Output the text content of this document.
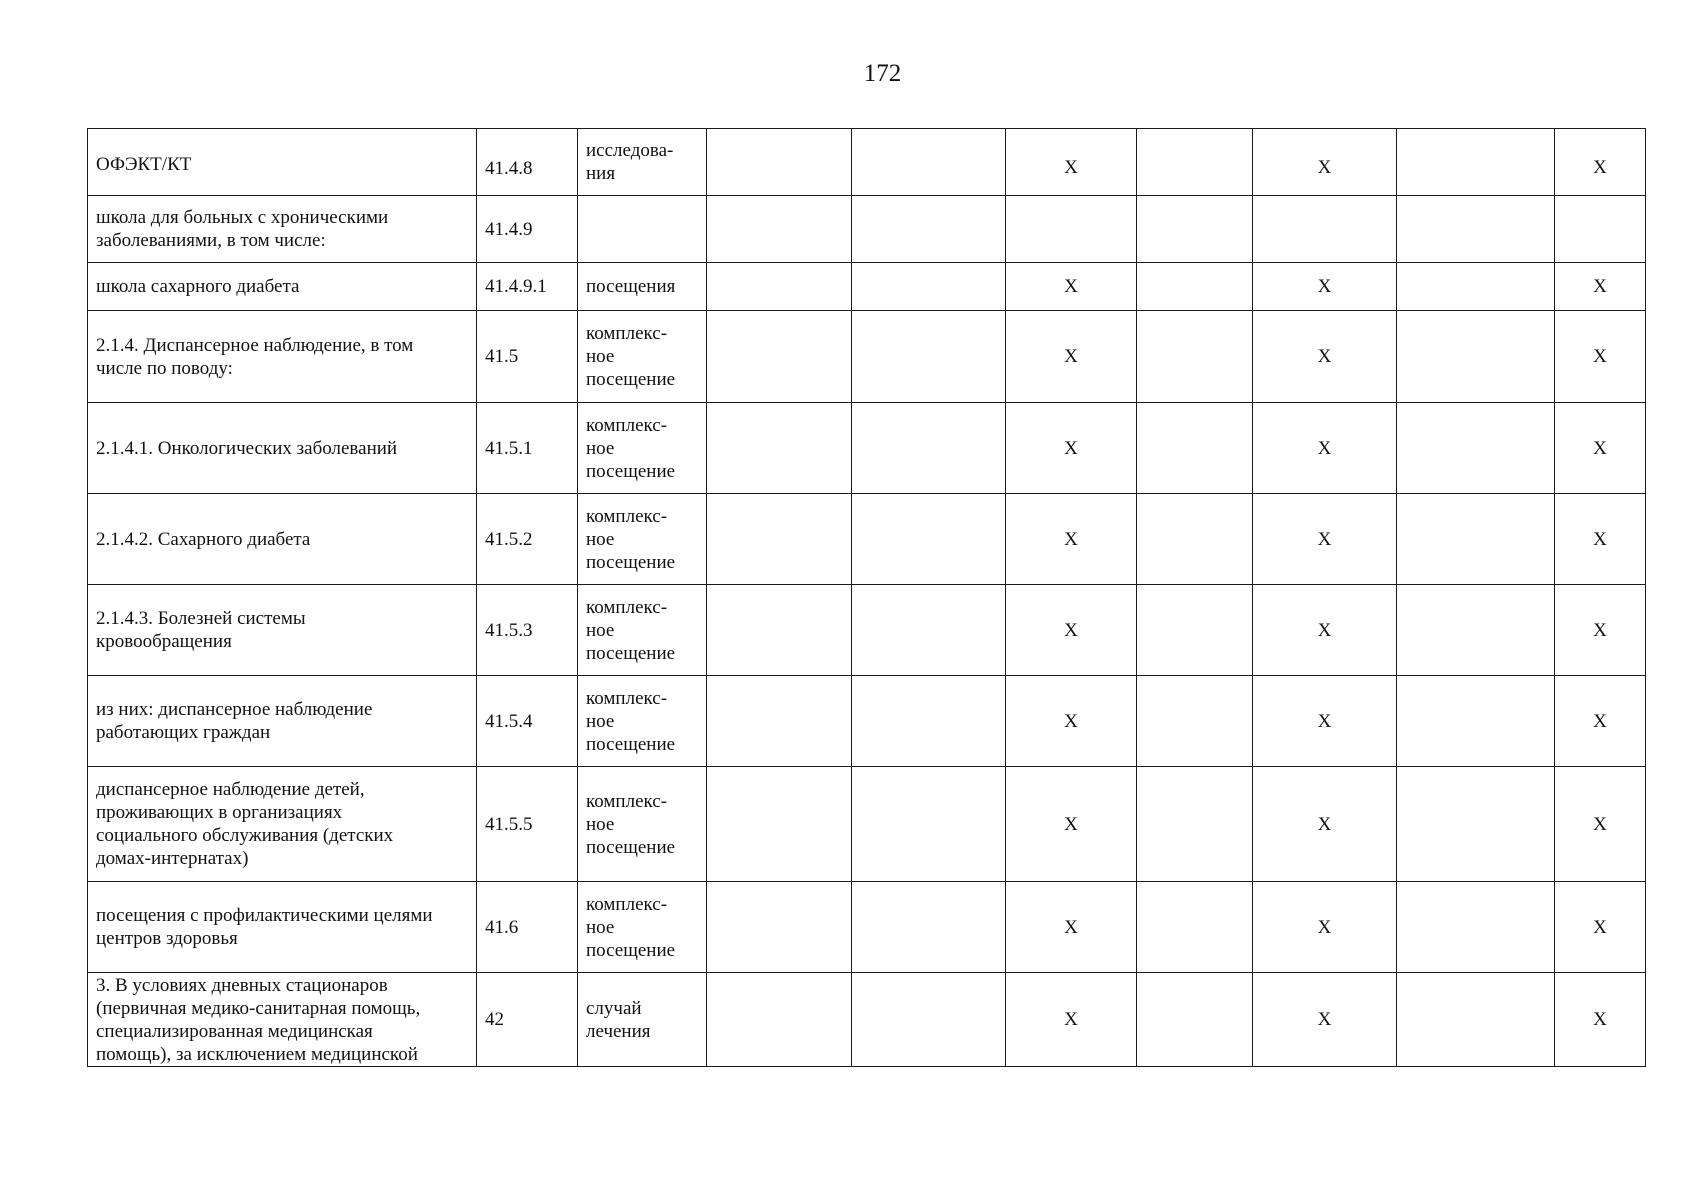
172
ОФЭКТ/КТ	41.4.8	исследова-
ния			X		X		X
школа для больных с хроническими
заболеваниями, в том числе:	41.4.9								
школа сахарного диабета	41.4.9.1	посещения			X		X		X
2.1.4. Диспансерное наблюдение, в том
числе по поводу:	41.5	комплекс-
ное
посещение			X		X		X
2.1.4.1. Онкологических заболеваний	41.5.1	комплекс-
ное
посещение			X		X		X
2.1.4.2. Сахарного диабета	41.5.2	комплекс-
ное
посещение			X		X		X
2.1.4.3. Болезней системы
кровообращения	41.5.3	комплекс-
ное
посещение			X		X		X
из них: диспансерное наблюдение
работающих граждан	41.5.4	комплекс-
ное
посещение			X		X		X
диспансерное наблюдение детей,
проживающих в организациях
социального обслуживания (детских
домах-интернатах)	41.5.5	комплекс-
ное
посещение			X		X		X
посещения с профилактическими целями
центров здоровья	41.6	комплекс-
ное
посещение			X		X		X
3. В условиях дневных стационаров
(первичная медико-санитарная помощь,
специализированная медицинская
помощь), за исключением медицинской	42	случай
лечения			X		X		X
